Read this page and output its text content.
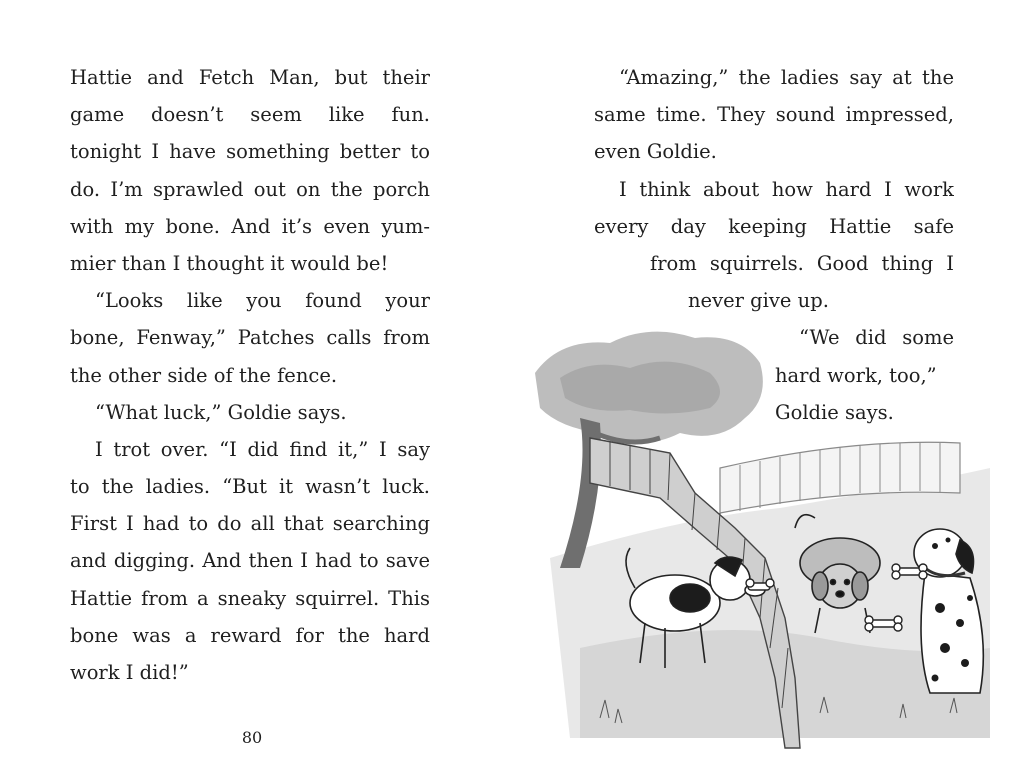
Hattie and Fetch Man, but their
game doesn’t seem like fun.
tonight I have something better to
do. I’m sprawled out on the porch
with my bone. And it’s even yum-
mier than I thought it would be!
“Looks like you found your
bone, Fenway,” Patches calls from
the other side of the fence.
“What luck,” Goldie says.
I trot over. “I did find it,” I say
to the ladies. “But it wasn’t luck.
First I had to do all that searching
and digging. And then I had to save
Hattie from a sneaky squirrel. This
bone was a reward for the hard
work I did!”
80
“Amazing,” the ladies say at the
same time. They sound impressed,
even Goldie.
I think about how hard I work
every day keeping Hattie safe
from squirrels. Good thing I
never give up.
“We did some
hard work, too,”
Goldie says.
